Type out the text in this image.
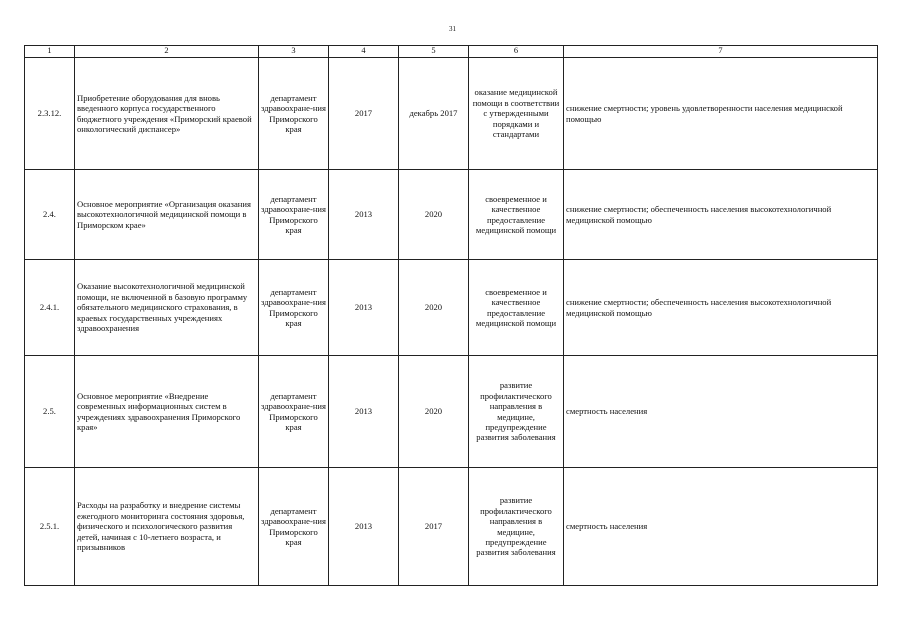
31
1	2	3	4	5	6	7
2.3.12.	Приобретение оборудования для вновь введенного корпуса государственного бюджетного учреждения «Приморский краевой онкологический диспансер»	департамент здравоохране-ния Приморского края	2017	декабрь 2017	оказание медицинской помощи в соответствии с утвержденными порядками и стандартами	снижение смертности; уровень удовлетворенности населения медицинской помощью
2.4.	Основное мероприятие «Организация оказания высокотехнологичной медицинской помощи в Приморском крае»	департамент здравоохране-ния Приморского края	2013	2020	своевременное и качественное предоставление медицинской помощи	снижение смертности; обеспеченность населения высокотехнологичной медицинской помощью
2.4.1.	Оказание высокотехнологичной медицинской помощи, не включенной в базовую программу обязательного медицинского страхования, в краевых государственных учреждениях здравоохранения	департамент здравоохране-ния Приморского края	2013	2020	своевременное и качественное предоставление медицинской помощи	снижение смертности; обеспеченность населения высокотехнологичной медицинской помощью
2.5.	Основное мероприятие «Внедрение современных информационных систем в учреждениях здравоохранения Приморского края»	департамент здравоохране-ния Приморского края	2013	2020	развитие профилактического направления в медицине, предупреждение развития заболевания	смертность населения
2.5.1.	Расходы на разработку и внедрение системы ежегодного мониторинга состояния здоровья, физического и психологического развития детей, начиная с 10-летнего возраста, и призывников	департамент здравоохране-ния Приморского края	2013	2017	развитие профилактического направления в медицине, предупреждение развития заболевания	смертность населения
